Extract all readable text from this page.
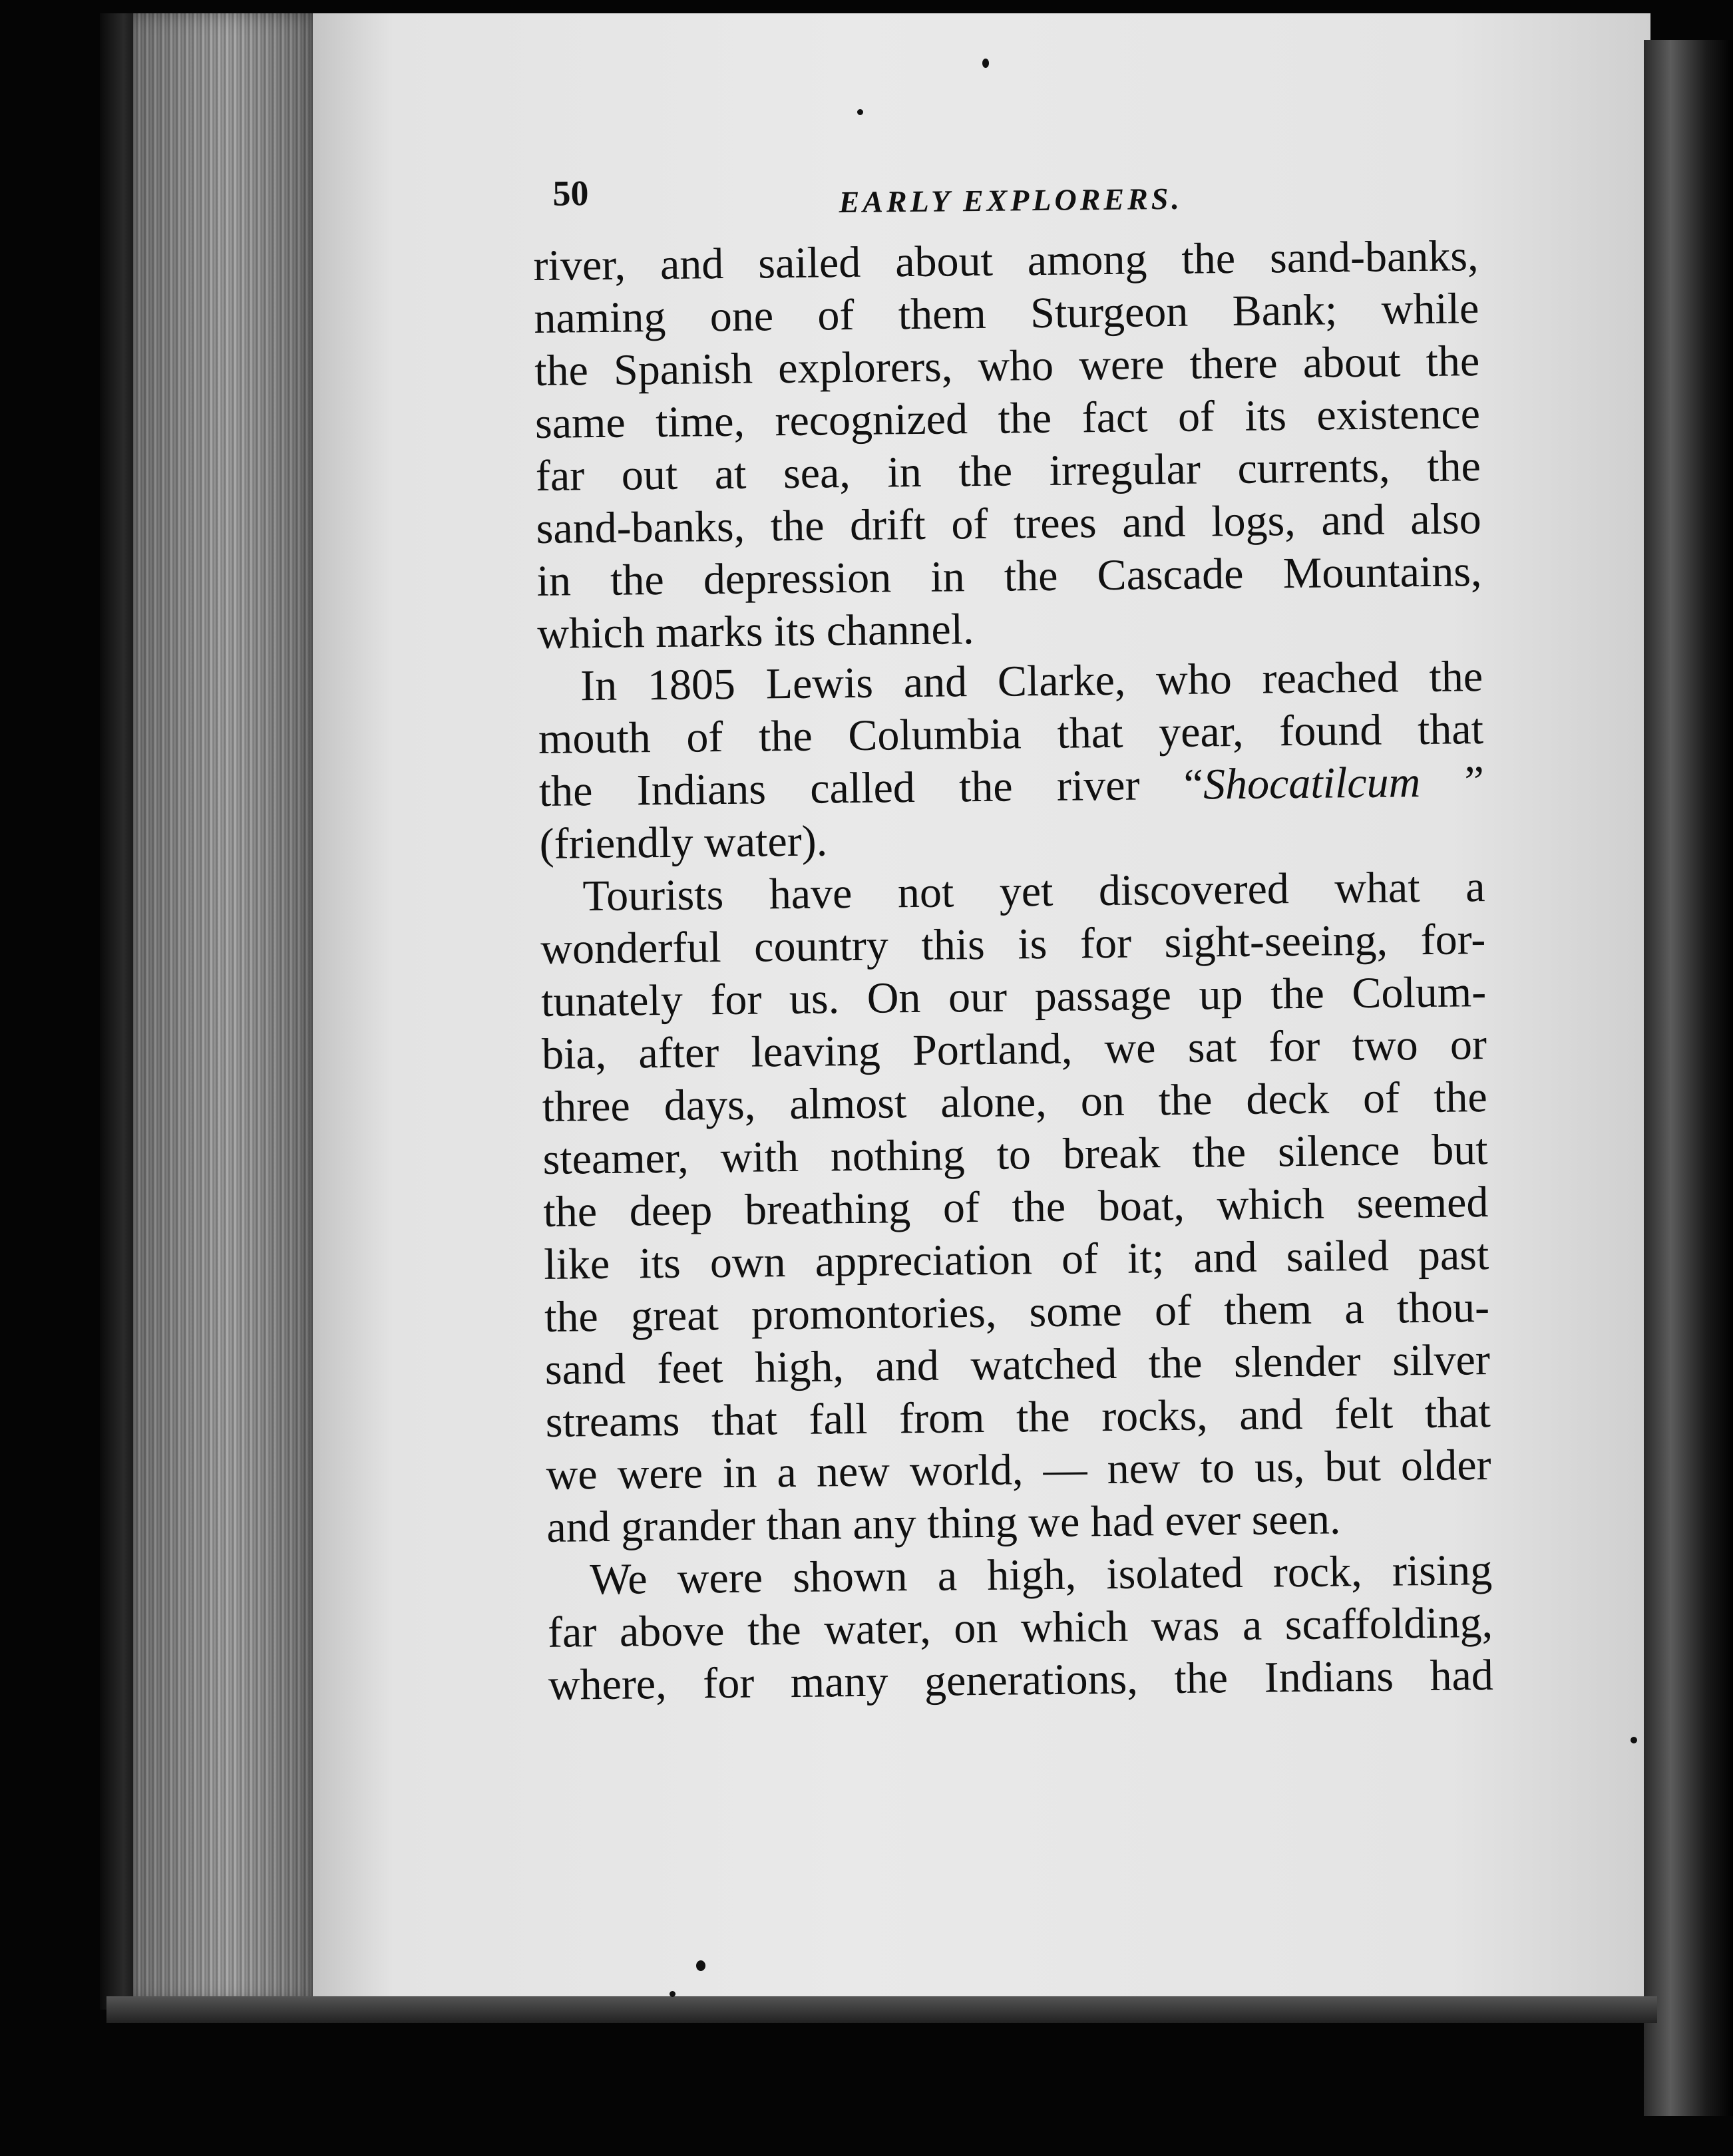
50	EARLY EXPLORERS.

river, and sailed about among the sand-banks,
naming one of them Sturgeon Bank; while
the Spanish explorers, who were there about the
same time, recognized the fact of its existence
far out at sea, in the irregular currents, the
sand-banks, the drift of trees and logs, and also
in the depression in the Cascade Mountains,
which marks its channel.

In 1805 Lewis and Clarke, who reached the
mouth of the Columbia that year, found that
the Indians called the river “Shocatilcum ”
(friendly water).

Tourists have not yet discovered what a
wonderful country this is for sight-seeing, for-
tunately for us. On our passage up the Colum-
bia, after leaving Portland, we sat for two or
three days, almost alone, on the deck of the
steamer, with nothing to break the silence but
the deep breathing of the boat, which seemed
like its own appreciation of it; and sailed past
the great promontories, some of them a thou-
sand feet high, and watched the slender silver
streams that fall from the rocks, and felt that
we were in a new world, — new to us, but older
and grander than any thing we had ever seen.

We were shown a high, isolated rock, rising
far above the water, on which was a scaffolding,
where, for many generations, the Indians had
